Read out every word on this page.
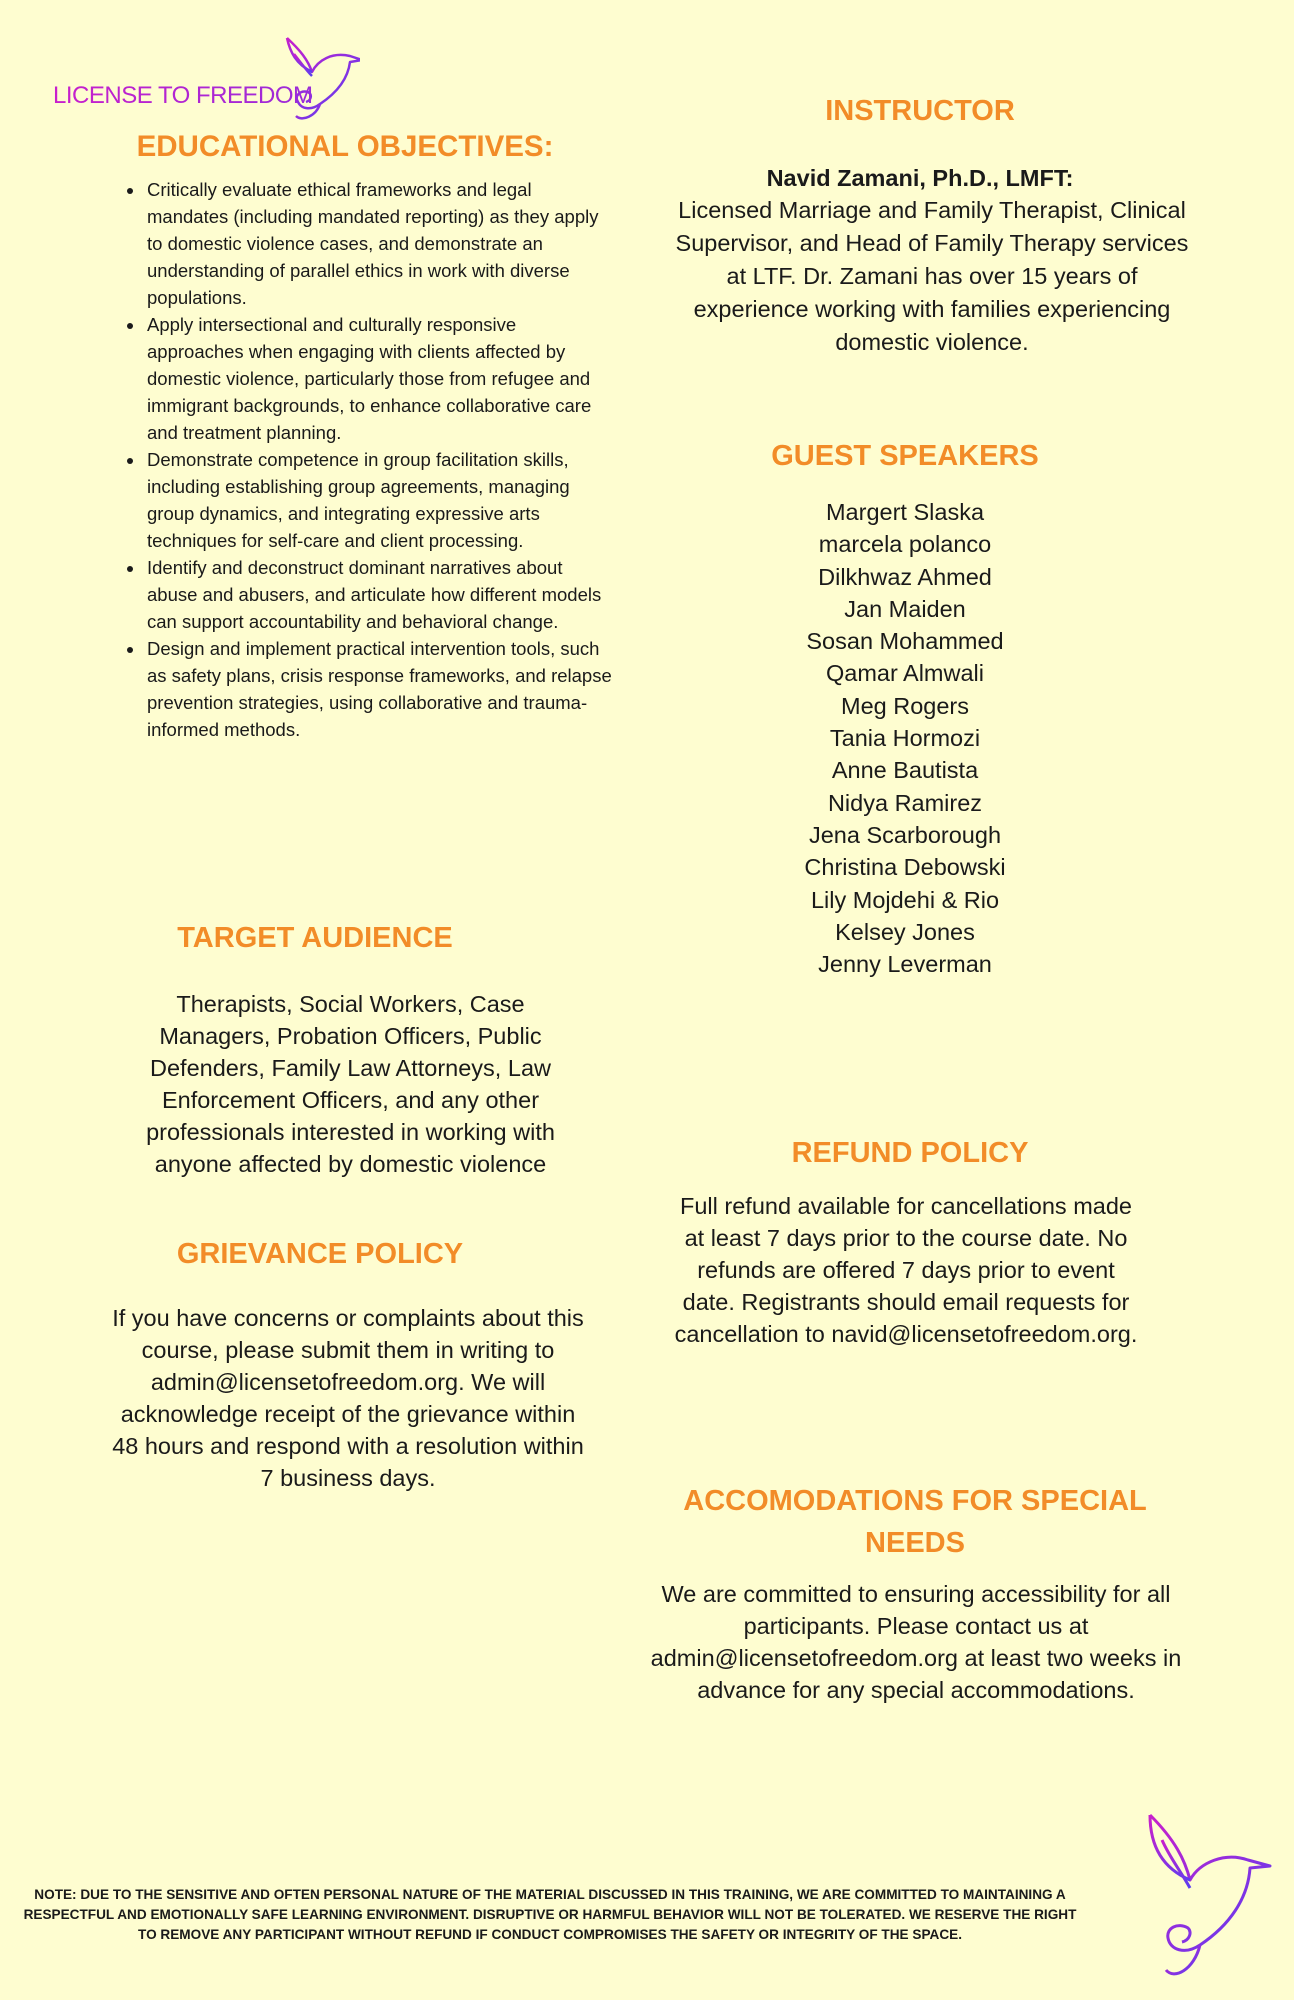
LICENSE TO FREEDOM
EDUCATIONAL OBJECTIVES:
• Critically evaluate ethical frameworks and legal mandates (including mandated reporting) as they apply to domestic violence cases, and demonstrate an understanding of parallel ethics in work with diverse populations.
• Apply intersectional and culturally responsive approaches when engaging with clients affected by domestic violence, particularly those from refugee and immigrant backgrounds, to enhance collaborative care and treatment planning.
• Demonstrate competence in group facilitation skills, including establishing group agreements, managing group dynamics, and integrating expressive arts techniques for self-care and client processing.
• Identify and deconstruct dominant narratives about abuse and abusers, and articulate how different models can support accountability and behavioral change.
• Design and implement practical intervention tools, such as safety plans, crisis response frameworks, and relapse prevention strategies, using collaborative and trauma-informed methods.
TARGET AUDIENCE

Therapists, Social Workers, Case Managers, Probation Officers, Public Defenders, Family Law Attorneys, Law Enforcement Officers, and any other professionals interested in working with anyone affected by domestic violence

GRIEVANCE POLICY

If you have concerns or complaints about this course, please submit them in writing to admin@licensetofreedom.org. We will acknowledge receipt of the grievance within 48 hours and respond with a resolution within 7 business days.

INSTRUCTOR

Navid Zamani, Ph.D., LMFT:

Licensed Marriage and Family Therapist, Clinical Supervisor, and Head of Family Therapy services at LTF. Dr. Zamani has over 15 years of experience working with families experiencing domestic violence.

GUEST SPEAKERS
Margert Slaska
marcela polanco
Dilkhwaz Ahmed
Jan Maiden
Sosan Mohammed
Qamar Almwali
Meg Rogers
Tania Hormozi
Anne Bautista
Nidya Ramirez
Jena Scarborough
Christina Debowski
Lily Mojdehi & Rio
Kelsey Jones
Jenny Leverman
REFUND POLICY

Full refund available for cancellations made at least 7 days prior to the course date. No refunds are offered 7 days prior to event date. Registrants should email requests for cancellation to navid@licensetofreedom.org.

ACCOMODATIONS FOR SPECIAL NEEDS

We are committed to ensuring accessibility for all participants. Please contact us at admin@licensetofreedom.org at least two weeks in advance for any special accommodations.

NOTE: DUE TO THE SENSITIVE AND OFTEN PERSONAL NATURE OF THE MATERIAL DISCUSSED IN THIS TRAINING, WE ARE COMMITTED TO MAINTAINING A RESPECTFUL AND EMOTIONALLY SAFE LEARNING ENVIRONMENT. DISRUPTIVE OR HARMFUL BEHAVIOR WILL NOT BE TOLERATED. WE RESERVE THE RIGHT TO REMOVE ANY PARTICIPANT WITHOUT REFUND IF CONDUCT COMPROMISES THE SAFETY OR INTEGRITY OF THE SPACE.
